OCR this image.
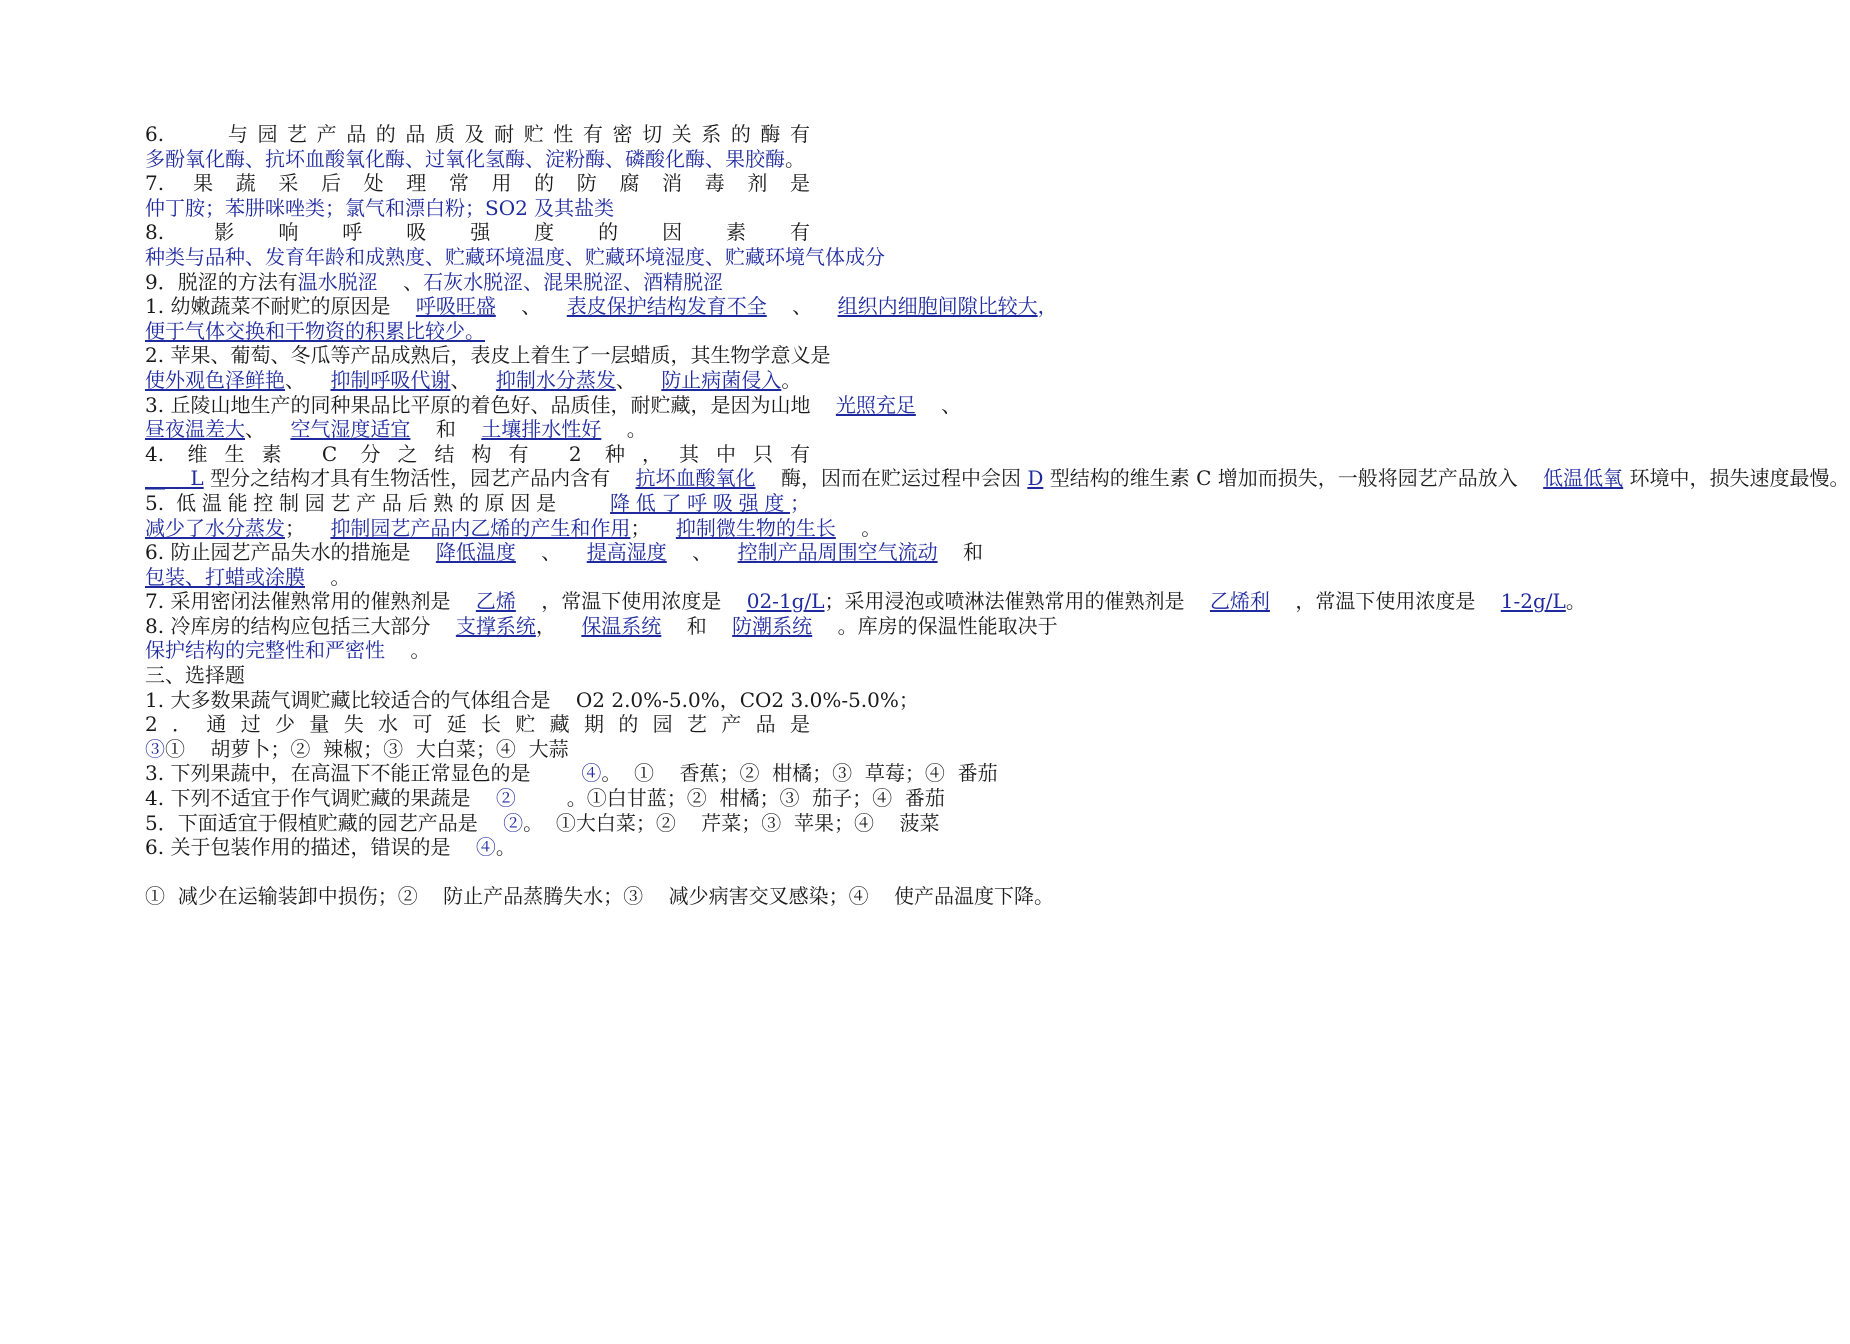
6.    与园艺产品的品质及耐贮性有密切关系的酶有多酚氧化酶、抗坏血酸氧化酶、过氧化氢酶、淀粉酶、磷酸化酶、果胶酶。

7. 果蔬采后处理常用的防腐消毒剂是仲丁胺；苯肼咪唑类；氯气和漂白粉；SO2 及其盐类

8. 影响呼吸强度的因素有种类与品种、发育年龄和成熟度、贮藏环境温度、贮藏环境湿度、贮藏环境气体成分

9．脱涩的方法有温水脱涩    、石灰水脱涩、混果脱涩、酒精脱涩

1. 幼嫩蔬菜不耐贮的原因是    呼吸旺盛    、    表皮保护结构发育不全    、    组织内细胞间隙比较大，便于气体交换和干物资的积累比较少。

2. 苹果、葡萄、冬瓜等产品成熟后，表皮上着生了一层蜡质，其生物学意义是使外观色泽鲜艳、    抑制呼吸代谢、    抑制水分蒸发、    防止病菌侵入。

3. 丘陵山地生产的同种果品比平原的着色好、品质佳，耐贮藏，是因为山地    光照充足    、昼夜温差大、    空气湿度适宜    和    土壤排水性好    。

4. 维生素 C 分之结构有 2 种，其中只有__    L 型分之结构才具有生物活性，园艺产品内含有    抗坏血酸氧化    酶，因而在贮运过程中会因 D 型结构的维生素 C 增加而损失，一般将园艺产品放入    低温低氧 环境中，损失速度最慢。

5. 低温能控制园艺产品后熟的原因是    降低了呼吸强度；减少了水分蒸发；    抑制园艺产品内乙烯的产生和作用；    抑制微生物的生长    。

6. 防止园艺产品失水的措施是    降低温度    、    提高湿度    、    控制产品周围空气流动    和包装、打蜡或涂膜    。

7. 采用密闭法催熟常用的催熟剂是    乙烯    ，常温下使用浓度是    02-1g/L；采用浸泡或喷淋法催熟常用的催熟剂是    乙烯利    ，常温下使用浓度是    1-2g/L。

8. 冷库房的结构应包括三大部分    支撑系统，    保温系统    和    防潮系统    。库房的保温性能取决于保护结构的完整性和严密性    。

三、选择题

1. 大多数果蔬气调贮藏比较适合的气体组合是    O2 2.0%-5.0%，CO2 3.0%-5.0%；

2．通过少量失水可延长贮藏期的园艺产品是③①    胡萝卜；②  辣椒；③  大白菜；④  大蒜

3. 下列果蔬中，在高温下不能正常显色的是        ④。  ①    香蕉；②  柑橘；③  草莓；④  番茄

4. 下列不适宜于作气调贮藏的果蔬是    ②        。①白甘蓝；②  柑橘；③  茄子；④  番茄

5．下面适宜于假植贮藏的园艺产品是    ②。  ①大白菜；②    芹菜；③  苹果；④    菠菜

6. 关于包装作用的描述，错误的是    ④。

①  减少在运输装卸中损伤；②    防止产品蒸腾失水；③    减少病害交叉感染；④    使产品温度下降。
